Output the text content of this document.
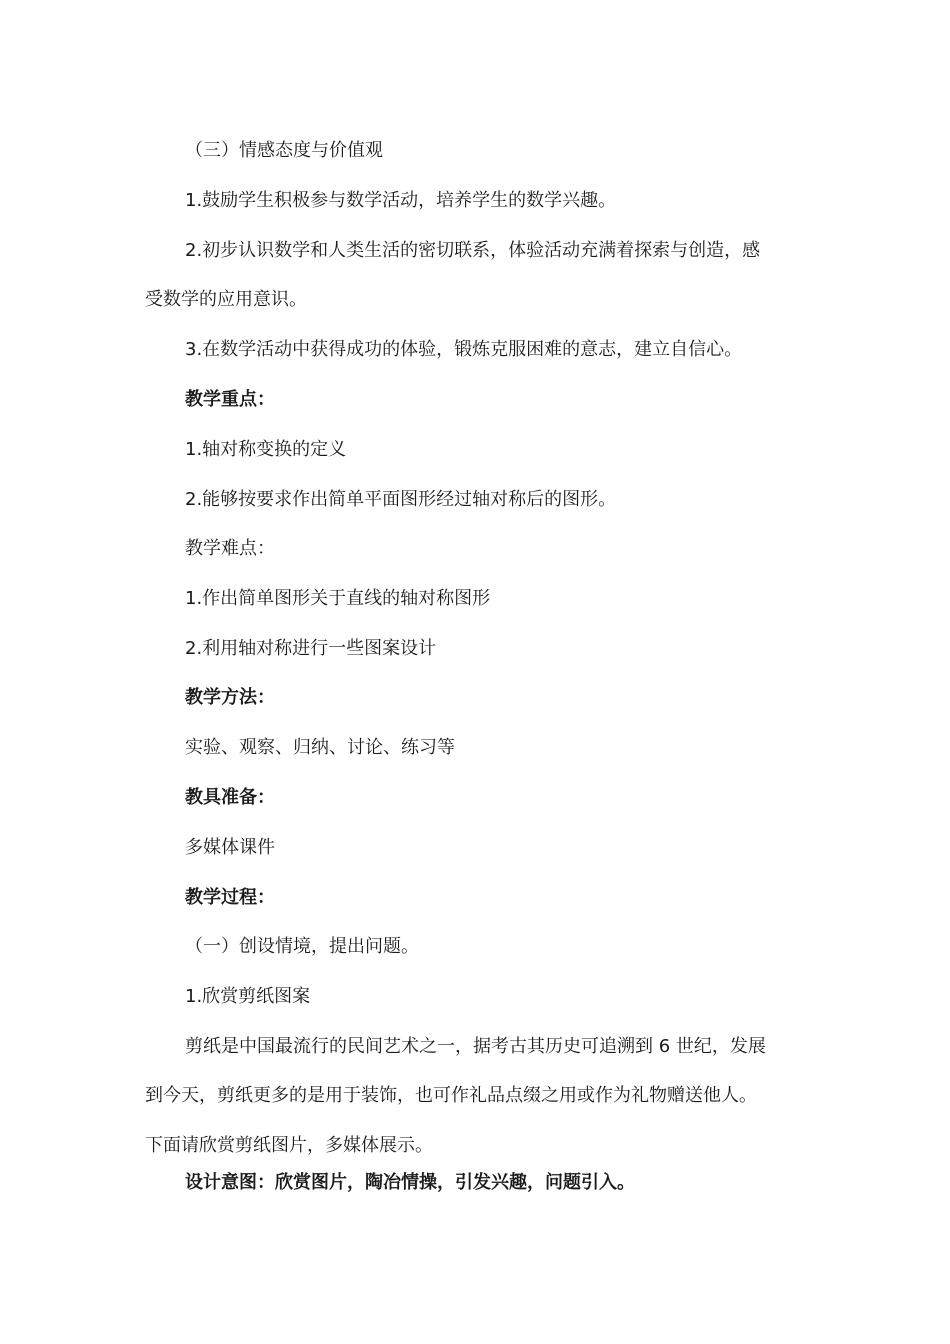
（三）情感态度与价值观
1.鼓励学生积极参与数学活动，培养学生的数学兴趣。
2.初步认识数学和人类生活的密切联系，体验活动充满着探索与创造，感
受数学的应用意识。
3.在数学活动中获得成功的体验，锻炼克服困难的意志，建立自信心。
教学重点：
1.轴对称变换的定义
2.能够按要求作出简单平面图形经过轴对称后的图形。
教学难点：
1.作出简单图形关于直线的轴对称图形
2.利用轴对称进行一些图案设计
教学方法：
实验、观察、归纳、讨论、练习等
教具准备：
多媒体课件
教学过程：
（一）创设情境，提出问题。
1.欣赏剪纸图案
剪纸是中国最流行的民间艺术之一，据考古其历史可追溯到 6 世纪，发展
到今天，剪纸更多的是用于装饰，也可作礼品点缀之用或作为礼物赠送他人。
下面请欣赏剪纸图片，多媒体展示。
设计意图：欣赏图片，陶冶情操，引发兴趣，问题引入。
